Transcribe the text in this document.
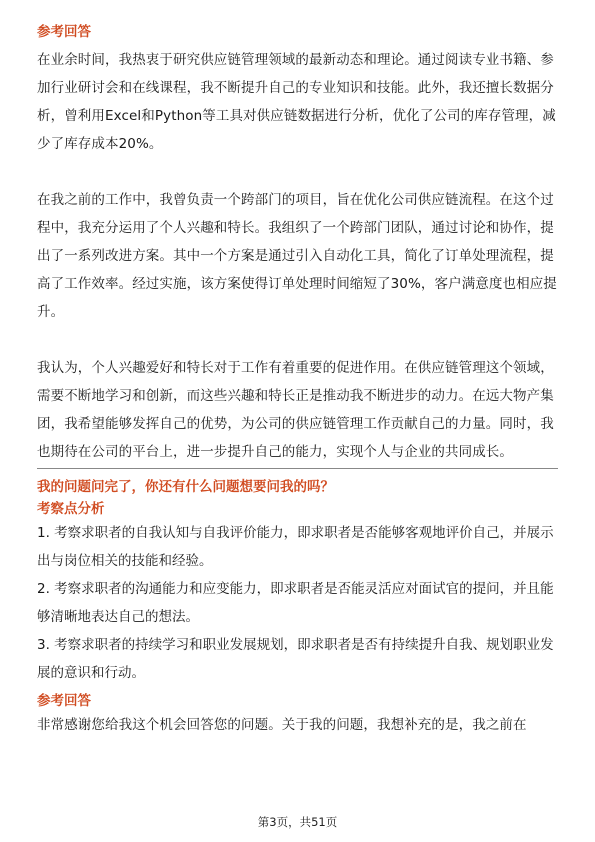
参考回答

在业余时间，我热衷于研究供应链管理领域的最新动态和理论。通过阅读专业书籍、参加行业研讨会和在线课程，我不断提升自己的专业知识和技能。此外，我还擅长数据分析，曾利用Excel和Python等工具对供应链数据进行分析，优化了公司的库存管理，减少了库存成本20%。

在我之前的工作中，我曾负责一个跨部门的项目，旨在优化公司供应链流程。在这个过程中，我充分运用了个人兴趣和特长。我组织了一个跨部门团队，通过讨论和协作，提出了一系列改进方案。其中一个方案是通过引入自动化工具，简化了订单处理流程，提高了工作效率。经过实施，该方案使得订单处理时间缩短了30%，客户满意度也相应提升。

我认为，个人兴趣爱好和特长对于工作有着重要的促进作用。在供应链管理这个领域，需要不断地学习和创新，而这些兴趣和特长正是推动我不断进步的动力。在远大物产集团，我希望能够发挥自己的优势，为公司的供应链管理工作贡献自己的力量。同时，我也期待在公司的平台上，进一步提升自己的能力，实现个人与企业的共同成长。

我的问题问完了，你还有什么问题想要问我的吗？

考察点分析

1. 考察求职者的自我认知与自我评价能力，即求职者是否能够客观地评价自己，并展示出与岗位相关的技能和经验。

2. 考察求职者的沟通能力和应变能力，即求职者是否能灵活应对面试官的提问，并且能够清晰地表达自己的想法。

3. 考察求职者的持续学习和职业发展规划，即求职者是否有持续提升自我、规划职业发展的意识和行动。

参考回答

非常感谢您给我这个机会回答您的问题。关于我的问题，我想补充的是，我之前在

第3页，共51页
